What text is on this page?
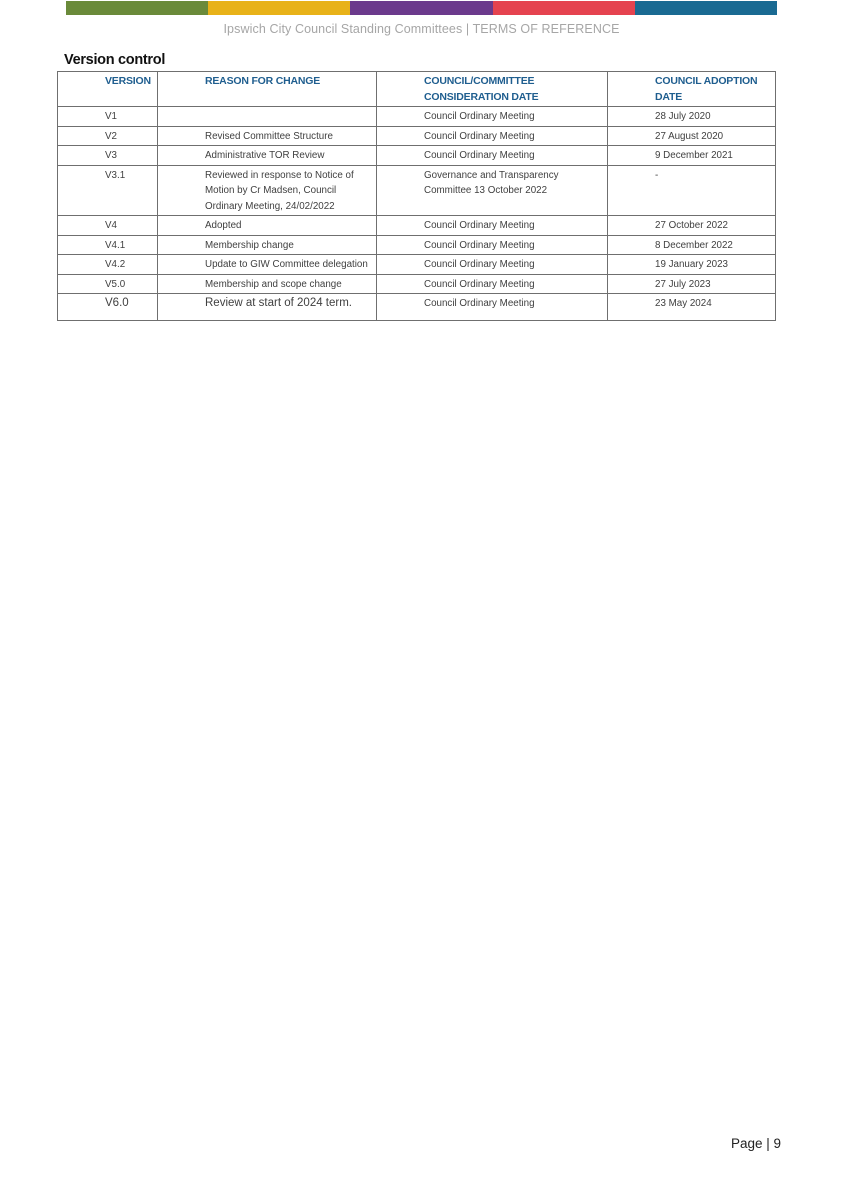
Ipswich City Council Standing Committees | TERMS OF REFERENCE
Version control
VERSION	REASON FOR CHANGE	COUNCIL/COMMITTEE CONSIDERATION DATE	COUNCIL ADOPTION DATE
V1		Council Ordinary Meeting	28 July 2020
V2	Revised Committee Structure	Council Ordinary Meeting	27 August 2020
V3	Administrative TOR Review	Council Ordinary Meeting	9 December 2021
V3.1	Reviewed in response to Notice of Motion by Cr Madsen, Council Ordinary Meeting, 24/02/2022	Governance and Transparency Committee 13 October 2022	-
V4	Adopted	Council Ordinary Meeting	27 October 2022
V4.1	Membership change	Council Ordinary Meeting	8 December 2022
V4.2	Update to GIW Committee delegation	Council Ordinary Meeting	19 January 2023
V5.0	Membership and scope change	Council Ordinary Meeting	27 July 2023
V6.0	Review at start of 2024 term.	Council Ordinary Meeting	23 May 2024
Page | 9
